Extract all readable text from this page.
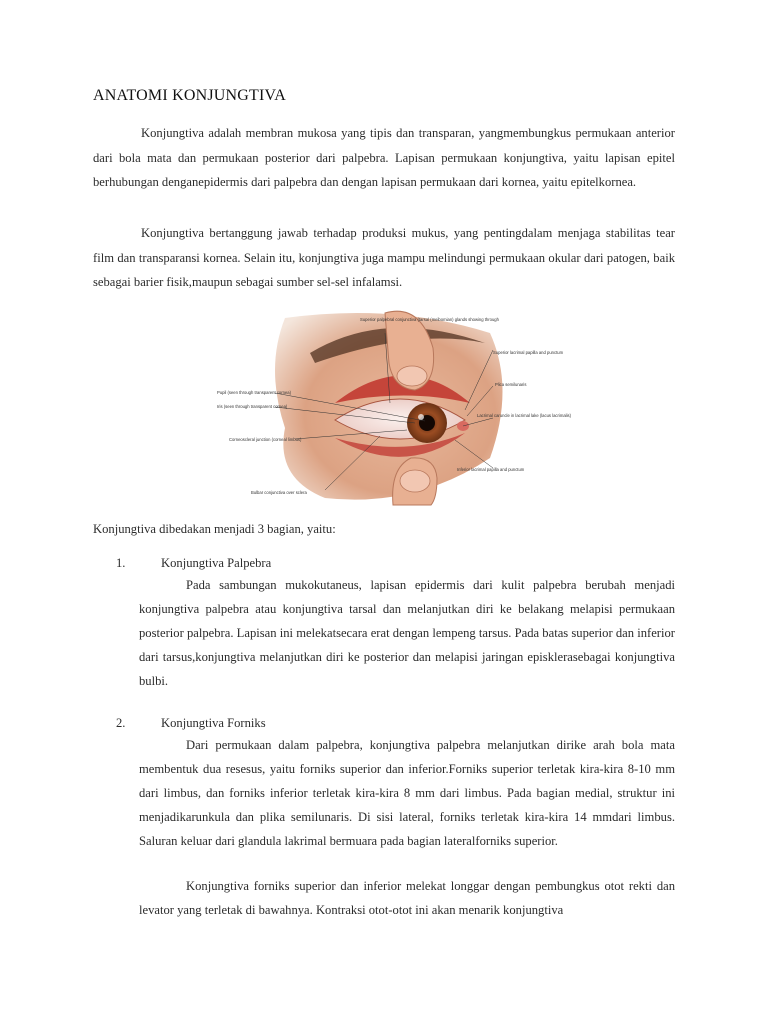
ANATOMI KONJUNGTIVA

Konjungtiva adalah membran mukosa yang tipis dan transparan, yangmembungkus permukaan anterior dari bola mata dan permukaan posterior dari palpebra. Lapisan permukaan konjungtiva, yaitu lapisan epitel berhubungan denganepidermis dari palpebra dan dengan lapisan permukaan dari kornea, yaitu epitelkornea.

Konjungtiva bertanggung jawab terhadap produksi mukus, yang pentingdalam menjaga stabilitas tear film dan transparansi kornea. Selain itu, konjungtiva juga mampu melindungi permukaan okular dari patogen, baik sebagai barier fisik,maupun sebagai sumber sel-sel infalamsi.

Superior palpebral conjunctiva (tarsal (meibomian) glands showing through
Superior lacrimal papilla and punctum
Plica semilunaris
Pupil (seen through transparent cornea)
Iris (seen through transparent cornea)
Lacrimal caruncle in lacrimal lake (lacus lacrimalis)
Corneoscleral junction (corneal limbus)
Inferior lacrimal papilla and punctum
Bulbar conjunctiva over sclera
Konjungtiva dibedakan menjadi 3 bagian, yaitu:
1.	Konjungtiva Palpebra

Pada sambungan mukokutaneus, lapisan epidermis dari kulit palpebra berubah menjadi konjungtiva palpebra atau konjungtiva tarsal dan melanjutkan diri ke belakang melapisi permukaan posterior palpebra. Lapisan ini melekatsecara erat dengan lempeng tarsus. Pada batas superior dan inferior dari tarsus,konjungtiva melanjutkan diri ke posterior dan melapisi jaringan episklerasebagai konjungtiva bulbi.

2.	Konjungtiva Forniks

Dari permukaan dalam palpebra, konjungtiva palpebra melanjutkan dirike arah bola mata membentuk dua resesus, yaitu forniks superior dan inferior.Forniks superior terletak kira-kira 8-10 mm dari limbus, dan forniks inferior terletak kira-kira 8 mm dari limbus. Pada bagian medial, struktur ini menjadikarunkula dan plika semilunaris. Di sisi lateral, forniks terletak kira-kira 14 mmdari limbus. Saluran keluar dari glandula lakrimal bermuara pada bagian lateralforniks superior.

Konjungtiva forniks superior dan inferior melekat longgar dengan pembungkus otot rekti dan levator yang terletak di bawahnya. Kontraksi otot-otot ini akan menarik konjungtiva
